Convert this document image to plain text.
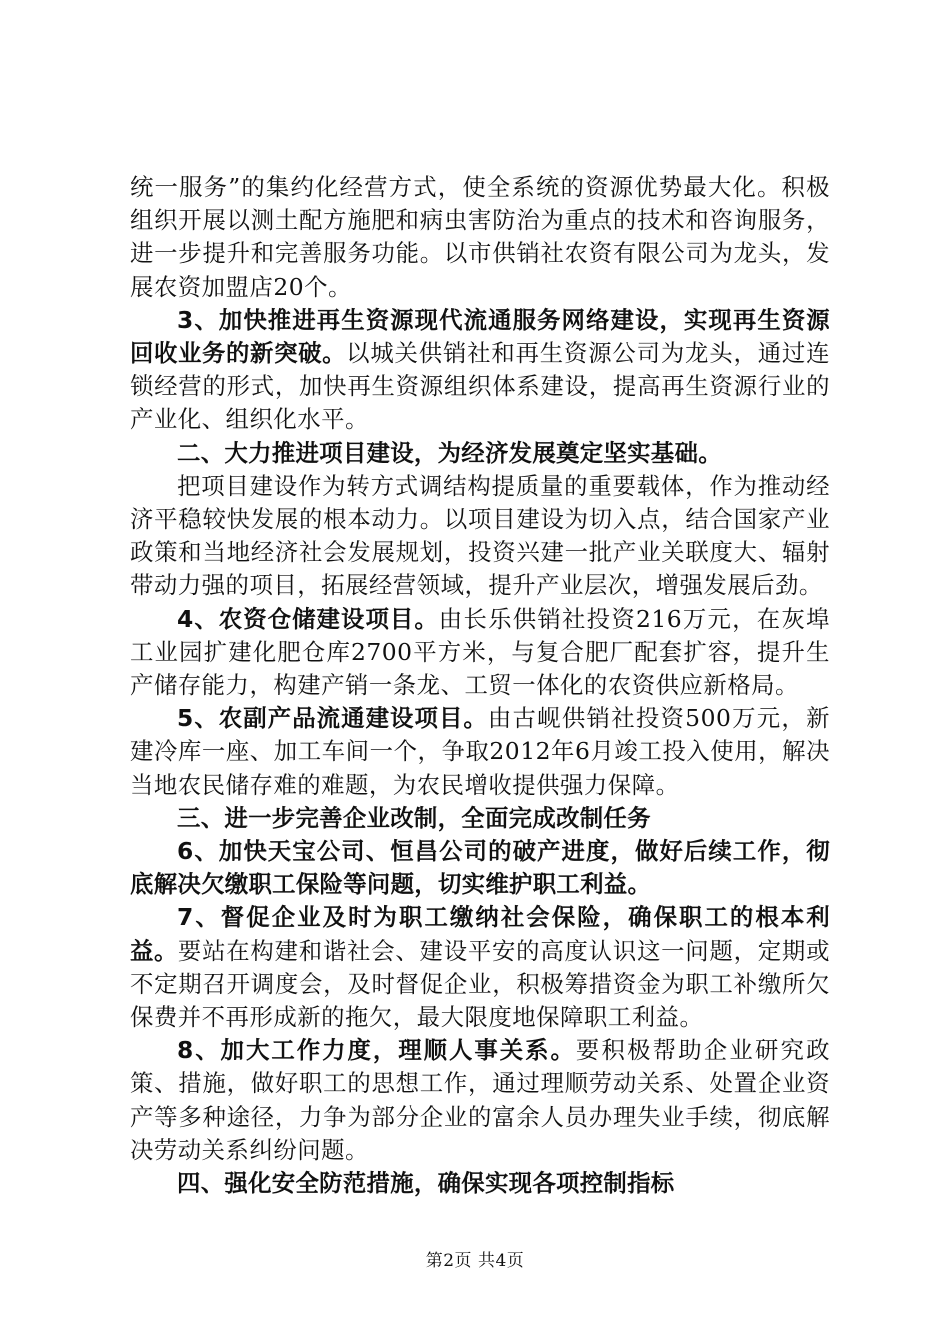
统一服务”的集约化经营方式，使全系统的资源优势最大化。积极组织开展以测土配方施肥和病虫害防治为重点的技术和咨询服务，进一步提升和完善服务功能。以市供销社农资有限公司为龙头，发展农资加盟店20个。

3、加快推进再生资源现代流通服务网络建设，实现再生资源回收业务的新突破。以城关供销社和再生资源公司为龙头，通过连锁经营的形式，加快再生资源组织体系建设，提高再生资源行业的产业化、组织化水平。

二、大力推进项目建设，为经济发展奠定坚实基础。

把项目建设作为转方式调结构提质量的重要载体，作为推动经济平稳较快发展的根本动力。以项目建设为切入点，结合国家产业政策和当地经济社会发展规划，投资兴建一批产业关联度大、辐射带动力强的项目，拓展经营领域，提升产业层次，增强发展后劲。

4、农资仓储建设项目。由长乐供销社投资216万元，在灰埠工业园扩建化肥仓库2700平方米，与复合肥厂配套扩容，提升生产储存能力，构建产销一条龙、工贸一体化的农资供应新格局。

5、农副产品流通建设项目。由古岘供销社投资500万元，新建冷库一座、加工车间一个，争取2012年6月竣工投入使用，解决当地农民储存难的难题，为农民增收提供强力保障。

三、进一步完善企业改制，全面完成改制任务

6、加快天宝公司、恒昌公司的破产进度，做好后续工作，彻底解决欠缴职工保险等问题，切实维护职工利益。

7、督促企业及时为职工缴纳社会保险，确保职工的根本利益。要站在构建和谐社会、建设平安的高度认识这一问题，定期或不定期召开调度会，及时督促企业，积极筹措资金为职工补缴所欠保费并不再形成新的拖欠，最大限度地保障职工利益。

8、加大工作力度，理顺人事关系。要积极帮助企业研究政策、措施，做好职工的思想工作，通过理顺劳动关系、处置企业资产等多种途径，力争为部分企业的富余人员办理失业手续，彻底解决劳动关系纠纷问题。

四、强化安全防范措施，确保实现各项控制指标

第2页 共4页
